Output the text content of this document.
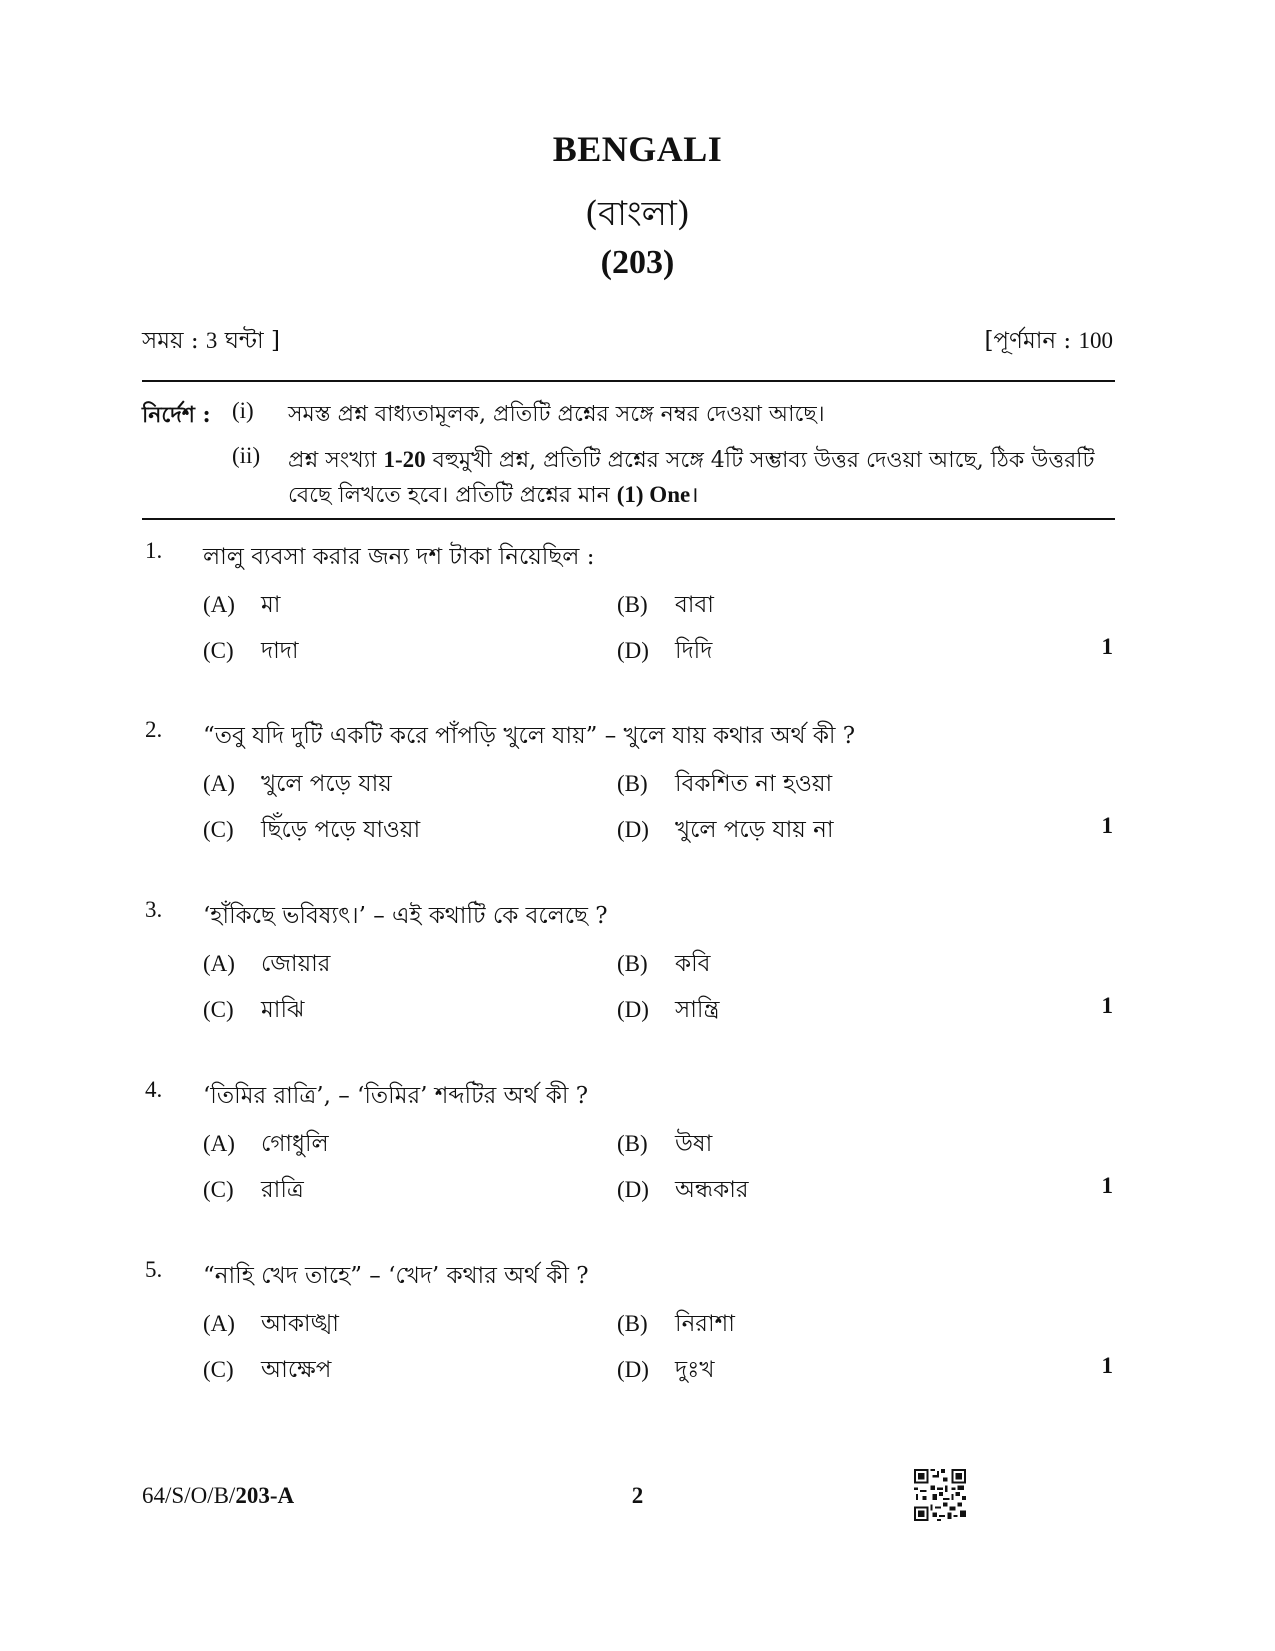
BENGALI
(বাংলা)
(203)
সময় : 3 ঘন্টা ]	[পূর্ণমান : 100
নির্দেশ : (i) সমস্ত প্রশ্ন বাধ্যতামূলক, প্রতিটি প্রশ্নের সঙ্গে নম্বর দেওয়া আছে।
(ii) প্রশ্ন সংখ্যা 1-20 বহুমুখী প্রশ্ন, প্রতিটি প্রশ্নের সঙ্গে 4টি সম্ভাব্য উত্তর দেওয়া আছে, ঠিক উত্তরটি বেছে লিখতে হবে। প্রতিটি প্রশ্নের মান (1) One।
1. লালু ব্যবসা করার জন্য দশ টাকা নিয়েছিল :
(A) মা	(B) বাবা
(C) দাদা	(D) দিদি	1
2. “তবু যদি দুটি একটি করে পাঁপড়ি খুলে যায়” – খুলে যায় কথার অর্থ কী ?
(A) খুলে পড়ে যায়	(B) বিকশিত না হওয়া
(C) ছিঁড়ে পড়ে যাওয়া	(D) খুলে পড়ে যায় না	1
3. ‘হাঁকিছে ভবিষ্যৎ।’ – এই কথাটি কে বলেছে ?
(A) জোয়ার	(B) কবি
(C) মাঝি	(D) সান্ত্রি	1
4. ‘তিমির রাত্রি’, – ‘তিমির’ শব্দটির অর্থ কী ?
(A) গোধুলি	(B) উষা
(C) রাত্রি	(D) অন্ধকার	1
5. “নাহি খেদ তাহে” – ‘খেদ’ কথার অর্থ কী ?
(A) আকাঙ্খা	(B) নিরাশা
(C) আক্ষেপ	(D) দুঃখ	1
64/S/O/B/203-A	2
